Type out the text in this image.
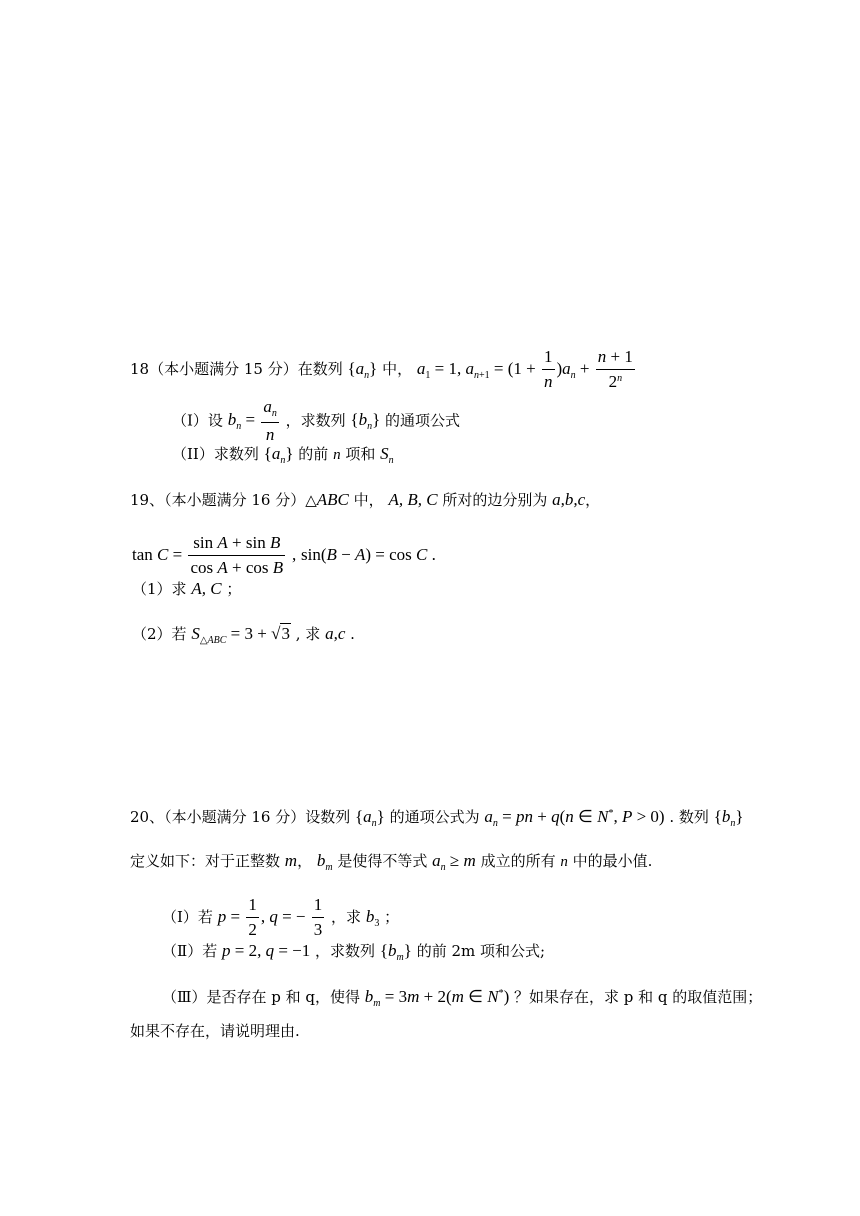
18（本小题满分 15 分）在数列 $\{a_n\}$ 中， $a_1 = 1$, $a_{n+1} = (1 + \frac{1}{n} )a_n + \frac{n + 1}{2^n}$
（I）设 $b_n = \frac{a_n}{n}$ ，求数列 $\{b_n\}$ 的通项公式
（II）求数列 $\{a_n\}$ 的前 n 项和 $S_n$
19、（本小题满分 16 分）△ABC 中， A, B, C 所对的边分别为 a,b,c，
$\tan C = \frac{\text{sin A + sin B}}{\text{cos A + cos B}}$ , sin(B − A) = cos C .
（1）求 A, C ；
（2）若 $S_{\triangle ABC} = 3 + √3$ , 求 a,c .
20、（本小题满分 16 分）设数列 $\{a_n\}$ 的通项公式为 $a_n$ = pn + q(n ∈ N*, P > 0) . 数列 $\{b_n\}$
定义如下：对于正整数 m， $b_m$ 是使得不等式 $a_n \ge m$ 成立的所有 n 中的最小值.
（Ⅰ）若 $p = \frac{1}{2}$ , q = − $\frac{1}{3}$ ，求 $b_3$ ；
（Ⅱ）若 p = 2, q = −1 ，求数列 $\{b_m\}$ 的前 2m 项和公式;
（Ⅲ）是否存在 p 和 q，使得 $b_m = 3m + 2(m$ ∈ N*) ？如果存在，求 p 和 q 的取值范围；
如果不存在，请说明理由.
